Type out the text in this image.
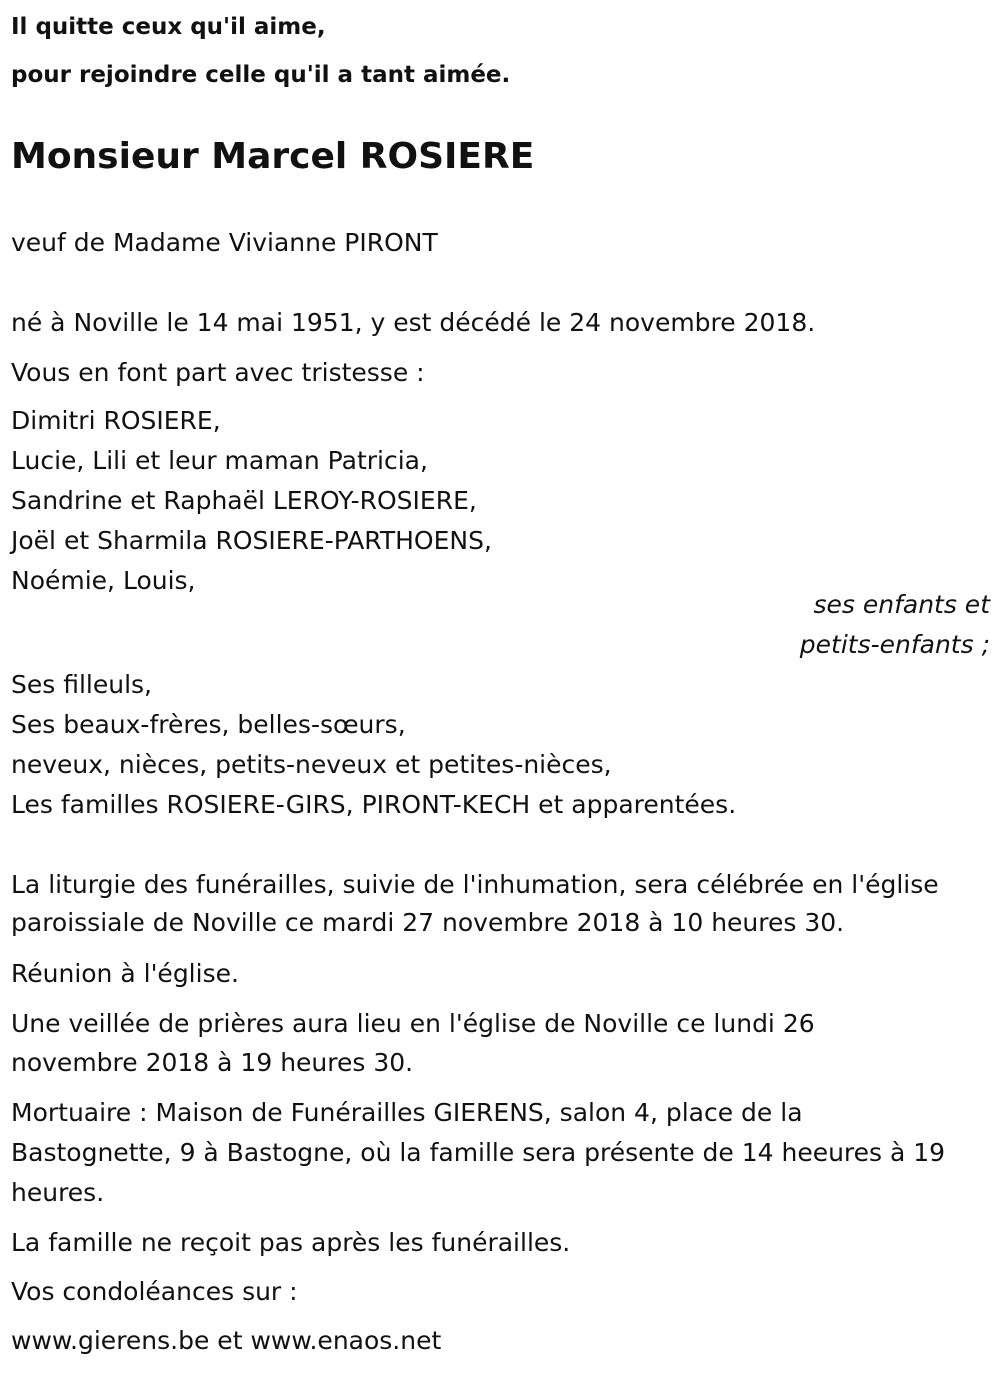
Il quitte ceux qu'il aime,
pour rejoindre celle qu'il a tant aimée.
Monsieur Marcel ROSIERE
veuf de Madame Vivianne PIRONT
né à Noville le 14 mai 1951, y est décédé le 24 novembre 2018.
Vous en font part avec tristesse :
Dimitri ROSIERE,
Lucie, Lili et leur maman Patricia,
Sandrine et Raphaël LEROY-ROSIERE,
Joël et Sharmila ROSIERE-PARTHOENS,
Noémie, Louis,
ses enfants et
petits-enfants ;
Ses filleuls,
Ses beaux-frères, belles-sœurs,
neveux, nièces, petits-neveux et petites-nièces,
Les familles ROSIERE-GIRS, PIRONT-KECH et apparentées.
La liturgie des funérailles, suivie de l'inhumation, sera célébrée en l'église
paroissiale de Noville ce mardi 27 novembre 2018 à 10 heures 30.
Réunion à l'église.
Une veillée de prières aura lieu en l'église de Noville ce lundi 26
novembre 2018 à 19 heures 30.
Mortuaire : Maison de Funérailles GIERENS, salon 4, place de la
Bastognette, 9 à Bastogne, où la famille sera présente de 14 heeures à 19
heures.
La famille ne reçoit pas après les funérailles.
Vos condoléances sur :
www.gierens.be et www.enaos.net
